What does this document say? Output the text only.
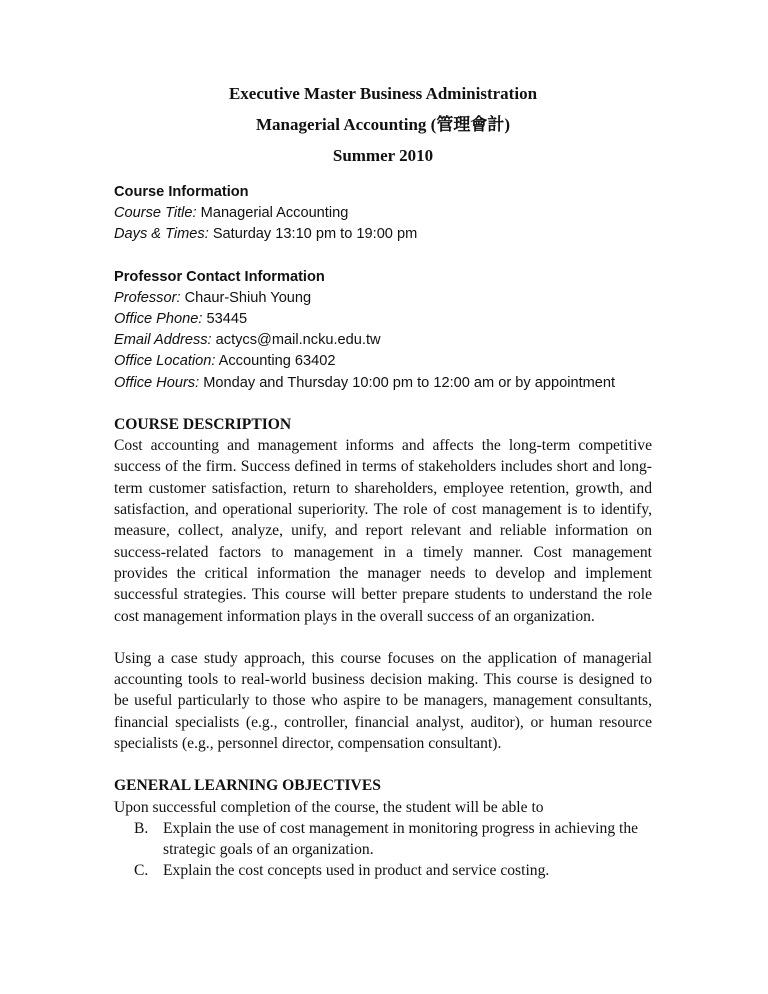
Executive Master Business Administration

Managerial Accounting (管理會計)

Summer 2010

Course Information
Course Title: Managerial Accounting
Days & Times: Saturday 13:10 pm to 19:00 pm
Professor Contact Information
Professor: Chaur-Shiuh Young
Office Phone: 53445
Email Address: actycs@mail.ncku.edu.tw
Office Location: Accounting 63402
Office Hours: Monday and Thursday 10:00 pm to 12:00 am or by appointment
COURSE DESCRIPTION

Cost accounting and management informs and affects the long-term competitive success of the firm. Success defined in terms of stakeholders includes short and long-term customer satisfaction, return to shareholders, employee retention, growth, and satisfaction, and operational superiority. The role of cost management is to identify, measure, collect, analyze, unify, and report relevant and reliable information on success-related factors to management in a timely manner. Cost management provides the critical information the manager needs to develop and implement successful strategies. This course will better prepare students to understand the role cost management information plays in the overall success of an organization.

Using a case study approach, this course focuses on the application of managerial accounting tools to real-world business decision making. This course is designed to be useful particularly to those who aspire to be managers, management consultants, financial specialists (e.g., controller, financial analyst, auditor), or human resource specialists (e.g., personnel director, compensation consultant).

GENERAL LEARNING OBJECTIVES
Upon successful completion of the course, the student will be able to
B. Explain the use of cost management in monitoring progress in achieving the strategic goals of an organization.
C. Explain the cost concepts used in product and service costing.
